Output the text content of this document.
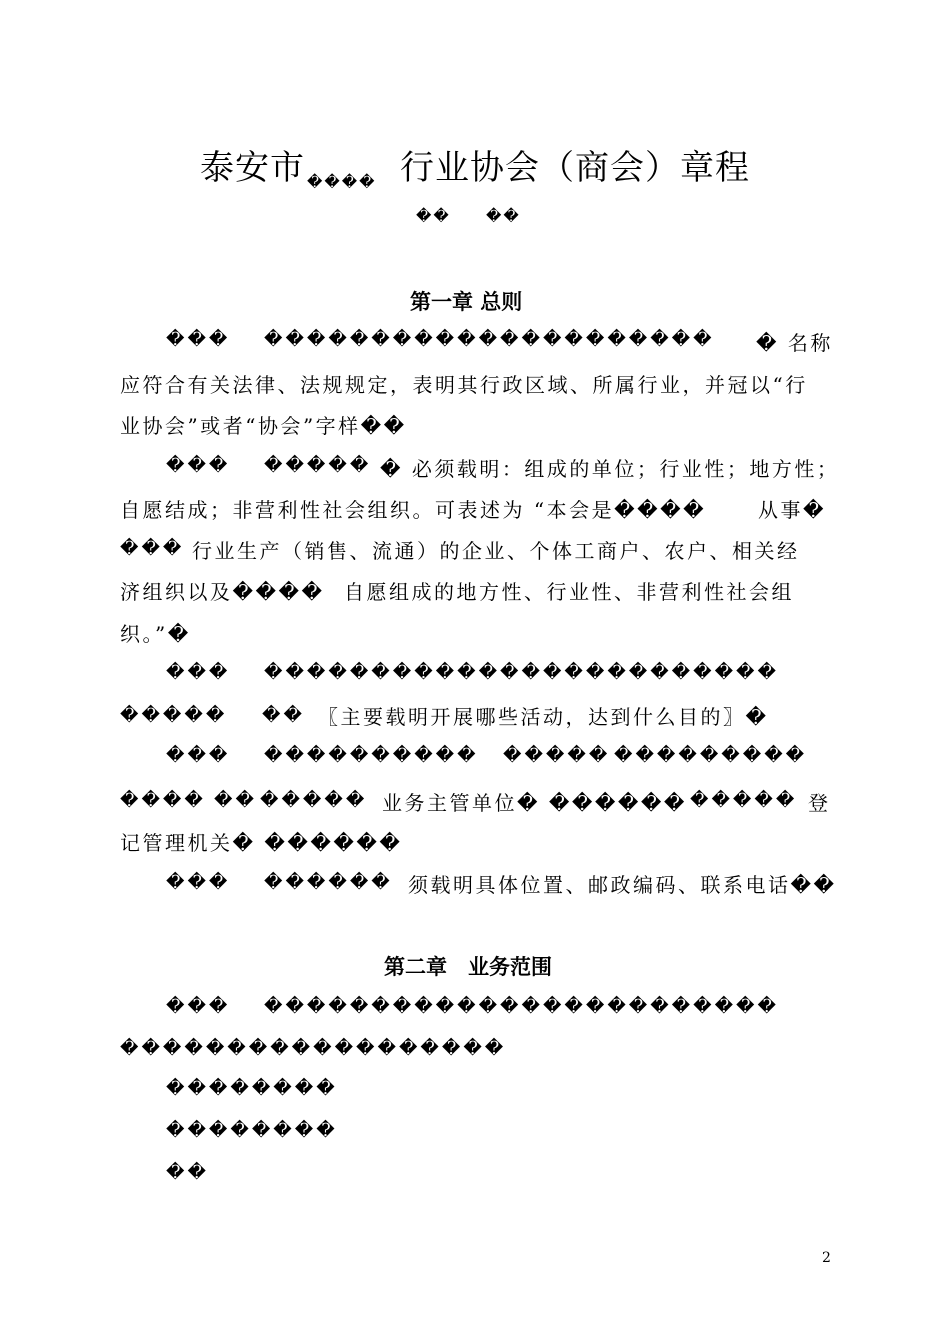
泰安市 $_{����}$ 行业协会（商会）章程
�� ��
第一章 总则
��� ��������������������� � 名称
应符合有关法律、法规规定，表明其行政区域、所属行业，并冠以“行
业协会”或者“协会”字样��
��� ����� � 必须载明：组成的单位；行业性；地方性；
自愿结成；非营利性社会组织。可表述为 “本会是����	从事�
��� 行业生产（销售、流通）的企业、个体工商户、农户、相关经
济组织以及���� 自愿组成的地方性、行业性、非营利性社会组
织。”�
��� ������������������������
����� �� 〖主要载明开展哪些活动，达到什么目的〗�
��� ���������� ����� ���������
���� �� ����� 业务主管单位� ������ ����� 登
记管理机关� ������
��� ������ 须载明具体位置、邮政编码、联系电话��
第二章　业务范围
��� ������������������������
������������������
��������
��������
��
2
